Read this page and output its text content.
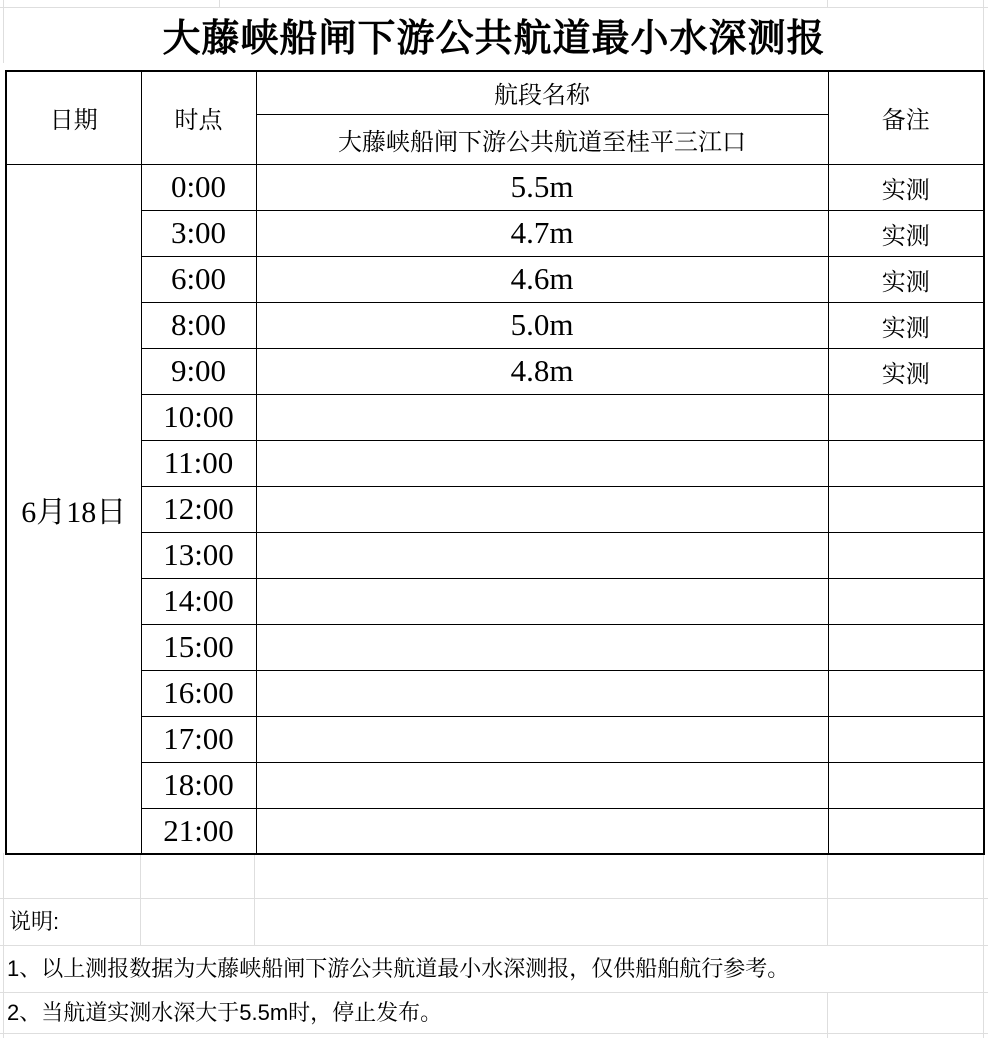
大藤峡船闸下游公共航道最小水深测报
日期	时点	航段名称	备注
		大藤峡船闸下游公共航道至桂平三江口	
6月18日	0:00	5.5m	实测
	3:00	4.7m	实测
	6:00	4.6m	实测
	8:00	5.0m	实测
	9:00	4.8m	实测
	10:00		
	11:00		
	12:00		
	13:00		
	14:00		
	15:00		
	16:00		
	17:00		
	18:00		
	21:00		
说明:
1、以上测报数据为大藤峡船闸下游公共航道最小水深测报，仅供船舶航行参考。
2、当航道实测水深大于5.5m时，停止发布。
